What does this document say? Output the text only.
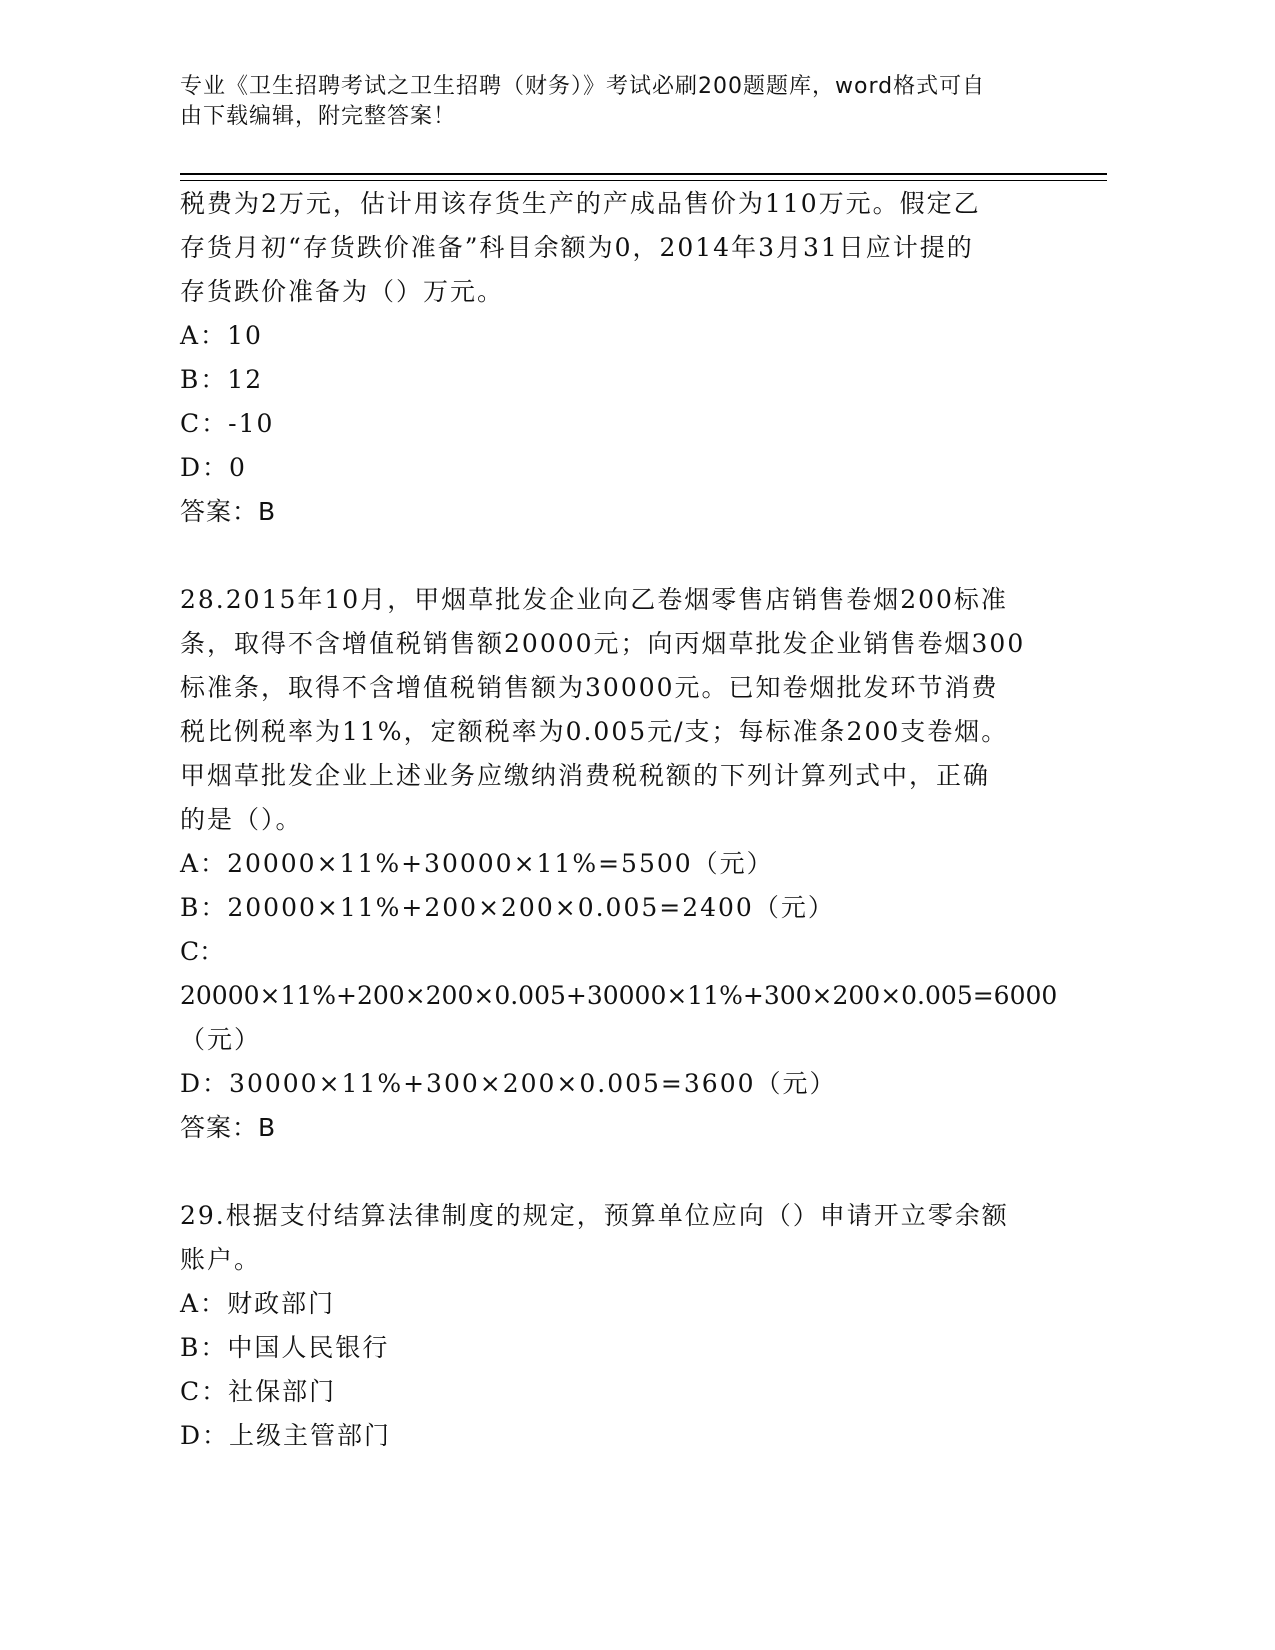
专业《卫生招聘考试之卫生招聘（财务）》考试必刷200题题库，word格式可自
由下载编辑，附完整答案！

税费为2万元，估计用该存货生产的产成品售价为110万元。假定乙

存货月初“存货跌价准备”科目余额为0，2014年3月31日应计提的

存货跌价准备为（）万元。

A：10

B：12

C：-10

D：0

答案：B

28.2015年10月，甲烟草批发企业向乙卷烟零售店销售卷烟200标准

条，取得不含增值税销售额20000元；向丙烟草批发企业销售卷烟300

标准条，取得不含增值税销售额为30000元。已知卷烟批发环节消费

税比例税率为11%，定额税率为0.005元/支；每标准条200支卷烟。

甲烟草批发企业上述业务应缴纳消费税税额的下列计算列式中，正确

的是（）。

A：20000×11%+30000×11%=5500（元）

B：20000×11%+200×200×0.005=2400（元）

C：20000×11%+200×200×0.005+30000×11%+300×200×0.005=6000

（元）

D：30000×11%+300×200×0.005=3600（元）

答案：B

29.根据支付结算法律制度的规定，预算单位应向（）申请开立零余额

账户。

A：财政部门

B：中国人民银行

C：社保部门

D：上级主管部门
